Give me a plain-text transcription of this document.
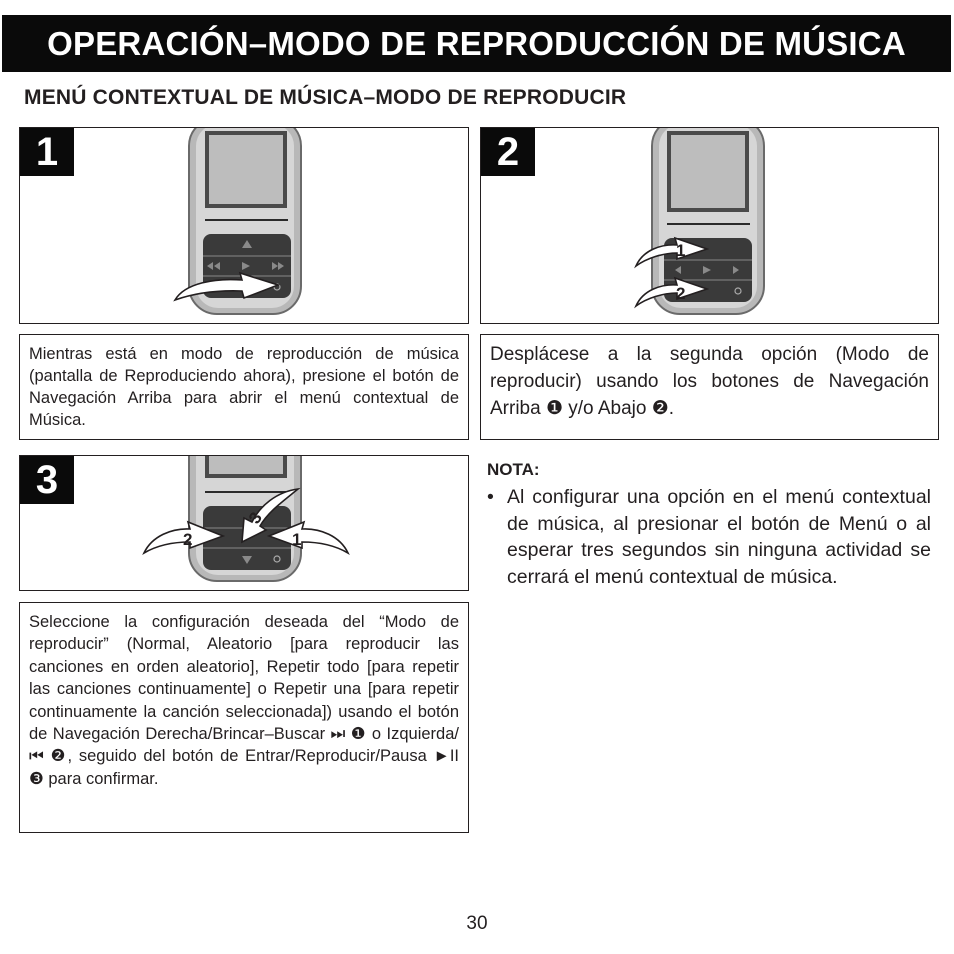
OPERACIÓN–MODO DE REPRODUCCIÓN DE MÚSICA
MENÚ CONTEXTUAL DE MÚSICA–MODO DE REPRODUCIR
1
Mientras está en modo de reproducción de música (pantalla de Reproduciendo ahora), presione el botón de Navegación Arriba para abrir el menú contextual de Música.
1
2
2
Desplácese a la segunda opción (Modo de reproducir) usando los botones de Navegación Arriba ❶ y/o Abajo ❷.
2	1
3
3
Seleccione la configuración deseada del “Modo de reproducir” (Normal, Aleatorio [para reproducir las canciones en orden aleatorio], Repetir todo [para repetir las canciones continuamente] o Repetir una [para repetir continuamente la canción seleccionada]) usando el botón de Navegación Derecha/Brincar–Buscar ⏭ ❶ o Izquierda/⏮ ❷, seguido del botón de Entrar/Reproducir/Pausa ►II ❸ para confirmar.
NOTA:
• Al configurar una opción en el menú contextual de música, al presionar el botón de Menú o al esperar tres segundos sin ninguna actividad se cerrará el menú contextual de música.
30
